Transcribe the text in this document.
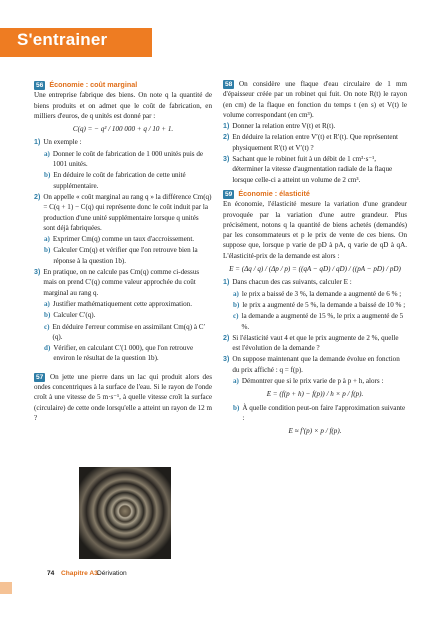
S'entrainer
56 Économie : coût marginal

Une entreprise fabrique des biens. On note q la quantité de biens produits et on admet que le coût de fabrication, en milliers d'euros, de q unités est donné par :

C(q) = − q² / 100 000 + q / 10 + 1.
1) Un exemple :
a) Donner le coût de fabrication de 1 000 unités puis de 1001 unités.
b) En déduire le coût de fabrication de cette unité supplémentaire.
2) On appelle « coût marginal au rang q » la différence Cm(q) = C(q + 1) − C(q) qui représente donc le coût induit par la production d'une unité supplémentaire lorsque q unités sont déjà fabriquées.
a) Exprimer Cm(q) comme un taux d'accroissement.
b) Calculer Cm(q) et vérifier que l'on retrouve bien la réponse à la question 1b).
3) En pratique, on ne calcule pas Cm(q) comme ci-dessus mais on prend C′(q) comme valeur approchée du coût marginal au rang q.
a) Justifier mathématiquement cette approximation.
b) Calculer C′(q).
c) En déduire l'erreur commise en assimilant Cm(q) à C′(q).
d) Vérifier, en calculant C′(1 000), que l'on retrouve environ le résultat de la question 1b).
57 On jette une pierre dans un lac qui produit alors des ondes concentriques à la surface de l'eau. Si le rayon de l'onde croît à une vitesse de 5 m·s⁻¹, à quelle vitesse croît la surface (circulaire) de cette onde lorsqu'elle a atteint un rayon de 12 m ?

58 On considère une flaque d'eau circulaire de 1 mm d'épaisseur créée par un robinet qui fuit. On note R(t) le rayon (en cm) de la flaque en fonction du temps t (en s) et V(t) le volume correspondant (en cm³).

1) Donner la relation entre V(t) et R(t).
2) En déduire la relation entre V′(t) et R′(t). Que représentent physiquement R′(t) et V′(t) ?
3) Sachant que le robinet fuit à un débit de 1 cm³·s⁻¹, déterminer la vitesse d'augmentation radiale de la flaque lorsque celle-ci a atteint un volume de 2 cm³.
59 Économie : élasticité

En économie, l'élasticité mesure la variation d'une grandeur provoquée par la variation d'une autre grandeur. Plus précisément, notons q la quantité de biens achetés (demandés) par les consommateurs et p le prix de vente de ces biens. On suppose que, lorsque p varie de pD à pA, q varie de qD à qA. L'élasticité-prix de la demande est alors :

E = (Δq / q) / (Δp / p) = ((qA − qD) / qD) / ((pA − pD) / pD)
1) Dans chacun des cas suivants, calculer E :
a) le prix a baissé de 3 %, la demande a augmenté de 6 % ;
b) le prix a augmenté de 5 %, la demande a baissé de 10 % ;
c) la demande a augmenté de 15 %, le prix a augmenté de 5 %.
2) Si l'élasticité vaut 4 et que le prix augmente de 2 %, quelle est l'évolution de la demande ?
3) On suppose maintenant que la demande évolue en fonction du prix affiché : q = f(p).
a) Démontrer que si le prix varie de p à p + h, alors :
E = (f(p + h) − f(p)) / h × p / f(p).
b) À quelle condition peut-on faire l'approximation suivante :
E ≈ f′(p) × p / f(p).
74 Chapitre A3.
Dérivation
